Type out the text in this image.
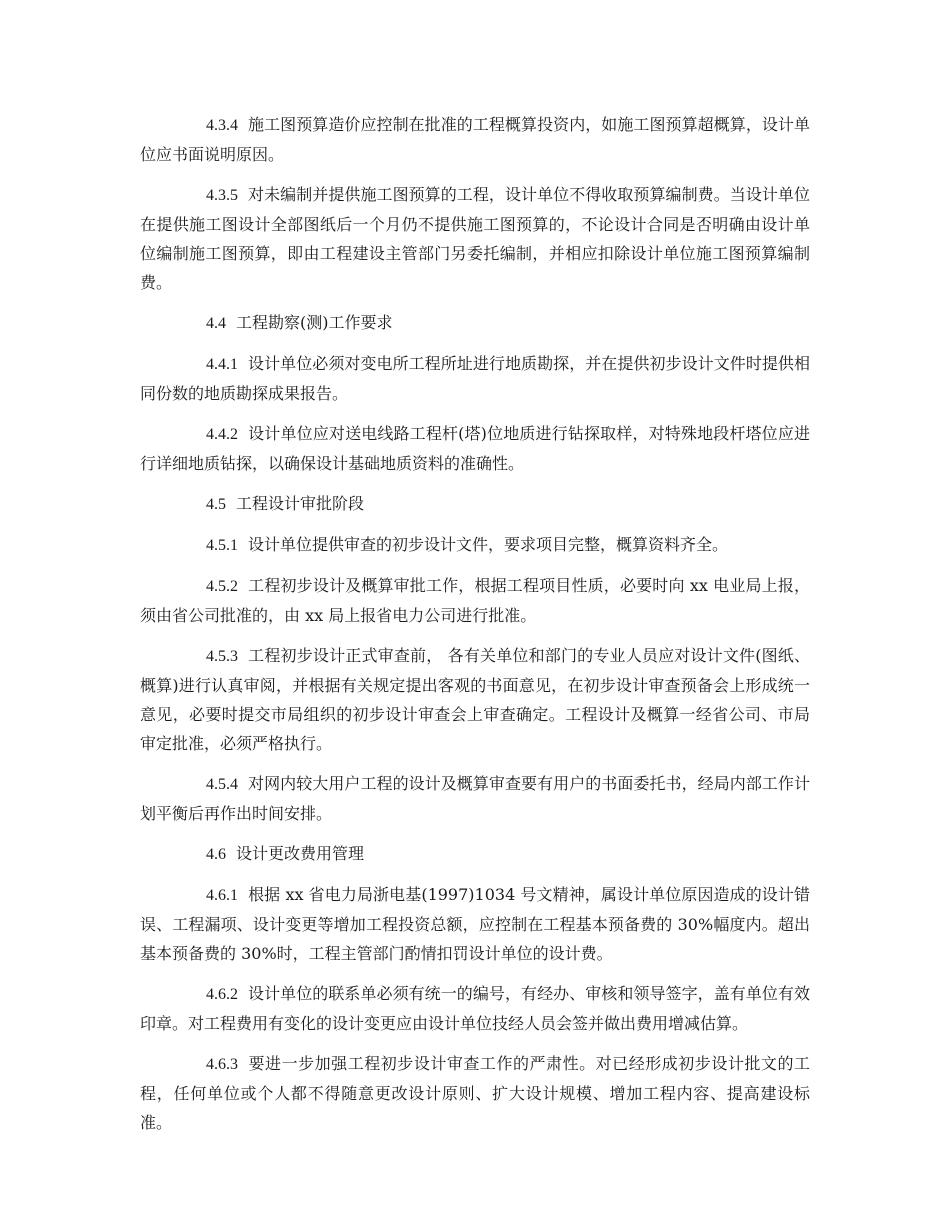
4.3.4 施工图预算造价应控制在批准的工程概算投资内，如施工图预算超概算，设计单位应书面说明原因。

4.3.5 对未编制并提供施工图预算的工程，设计单位不得收取预算编制费。当设计单位在提供施工图设计全部图纸后一个月仍不提供施工图预算的，不论设计合同是否明确由设计单位编制施工图预算，即由工程建设主管部门另委托编制，并相应扣除设计单位施工图预算编制费。

4.4 工程勘察(测)工作要求

4.4.1 设计单位必须对变电所工程所址进行地质勘探，并在提供初步设计文件时提供相同份数的地质勘探成果报告。

4.4.2 设计单位应对送电线路工程杆(塔)位地质进行钻探取样，对特殊地段杆塔位应进行详细地质钻探，以确保设计基础地质资料的准确性。

4.5 工程设计审批阶段

4.5.1 设计单位提供审查的初步设计文件，要求项目完整，概算资料齐全。

4.5.2 工程初步设计及概算审批工作，根据工程项目性质，必要时向 xx 电业局上报，须由省公司批准的，由 xx 局上报省电力公司进行批准。

4.5.3 工程初步设计正式审查前， 各有关单位和部门的专业人员应对设计文件(图纸、概算)进行认真审阅，并根据有关规定提出客观的书面意见，在初步设计审查预备会上形成统一意见，必要时提交市局组织的初步设计审查会上审查确定。工程设计及概算一经省公司、市局审定批准，必须严格执行。

4.5.4 对网内较大用户工程的设计及概算审查要有用户的书面委托书，经局内部工作计划平衡后再作出时间安排。

4.6 设计更改费用管理

4.6.1 根据 xx 省电力局浙电基(1997)1034 号文精神，属设计单位原因造成的设计错误、工程漏项、设计变更等增加工程投资总额，应控制在工程基本预备费的 30%幅度内。超出基本预备费的 30%时，工程主管部门酌情扣罚设计单位的设计费。

4.6.2 设计单位的联系单必须有统一的编号，有经办、审核和领导签字，盖有单位有效印章。对工程费用有变化的设计变更应由设计单位技经人员会签并做出费用增减估算。

4.6.3 要进一步加强工程初步设计审查工作的严肃性。对已经形成初步设计批文的工程，任何单位或个人都不得随意更改设计原则、扩大设计规模、增加工程内容、提高建设标准。
